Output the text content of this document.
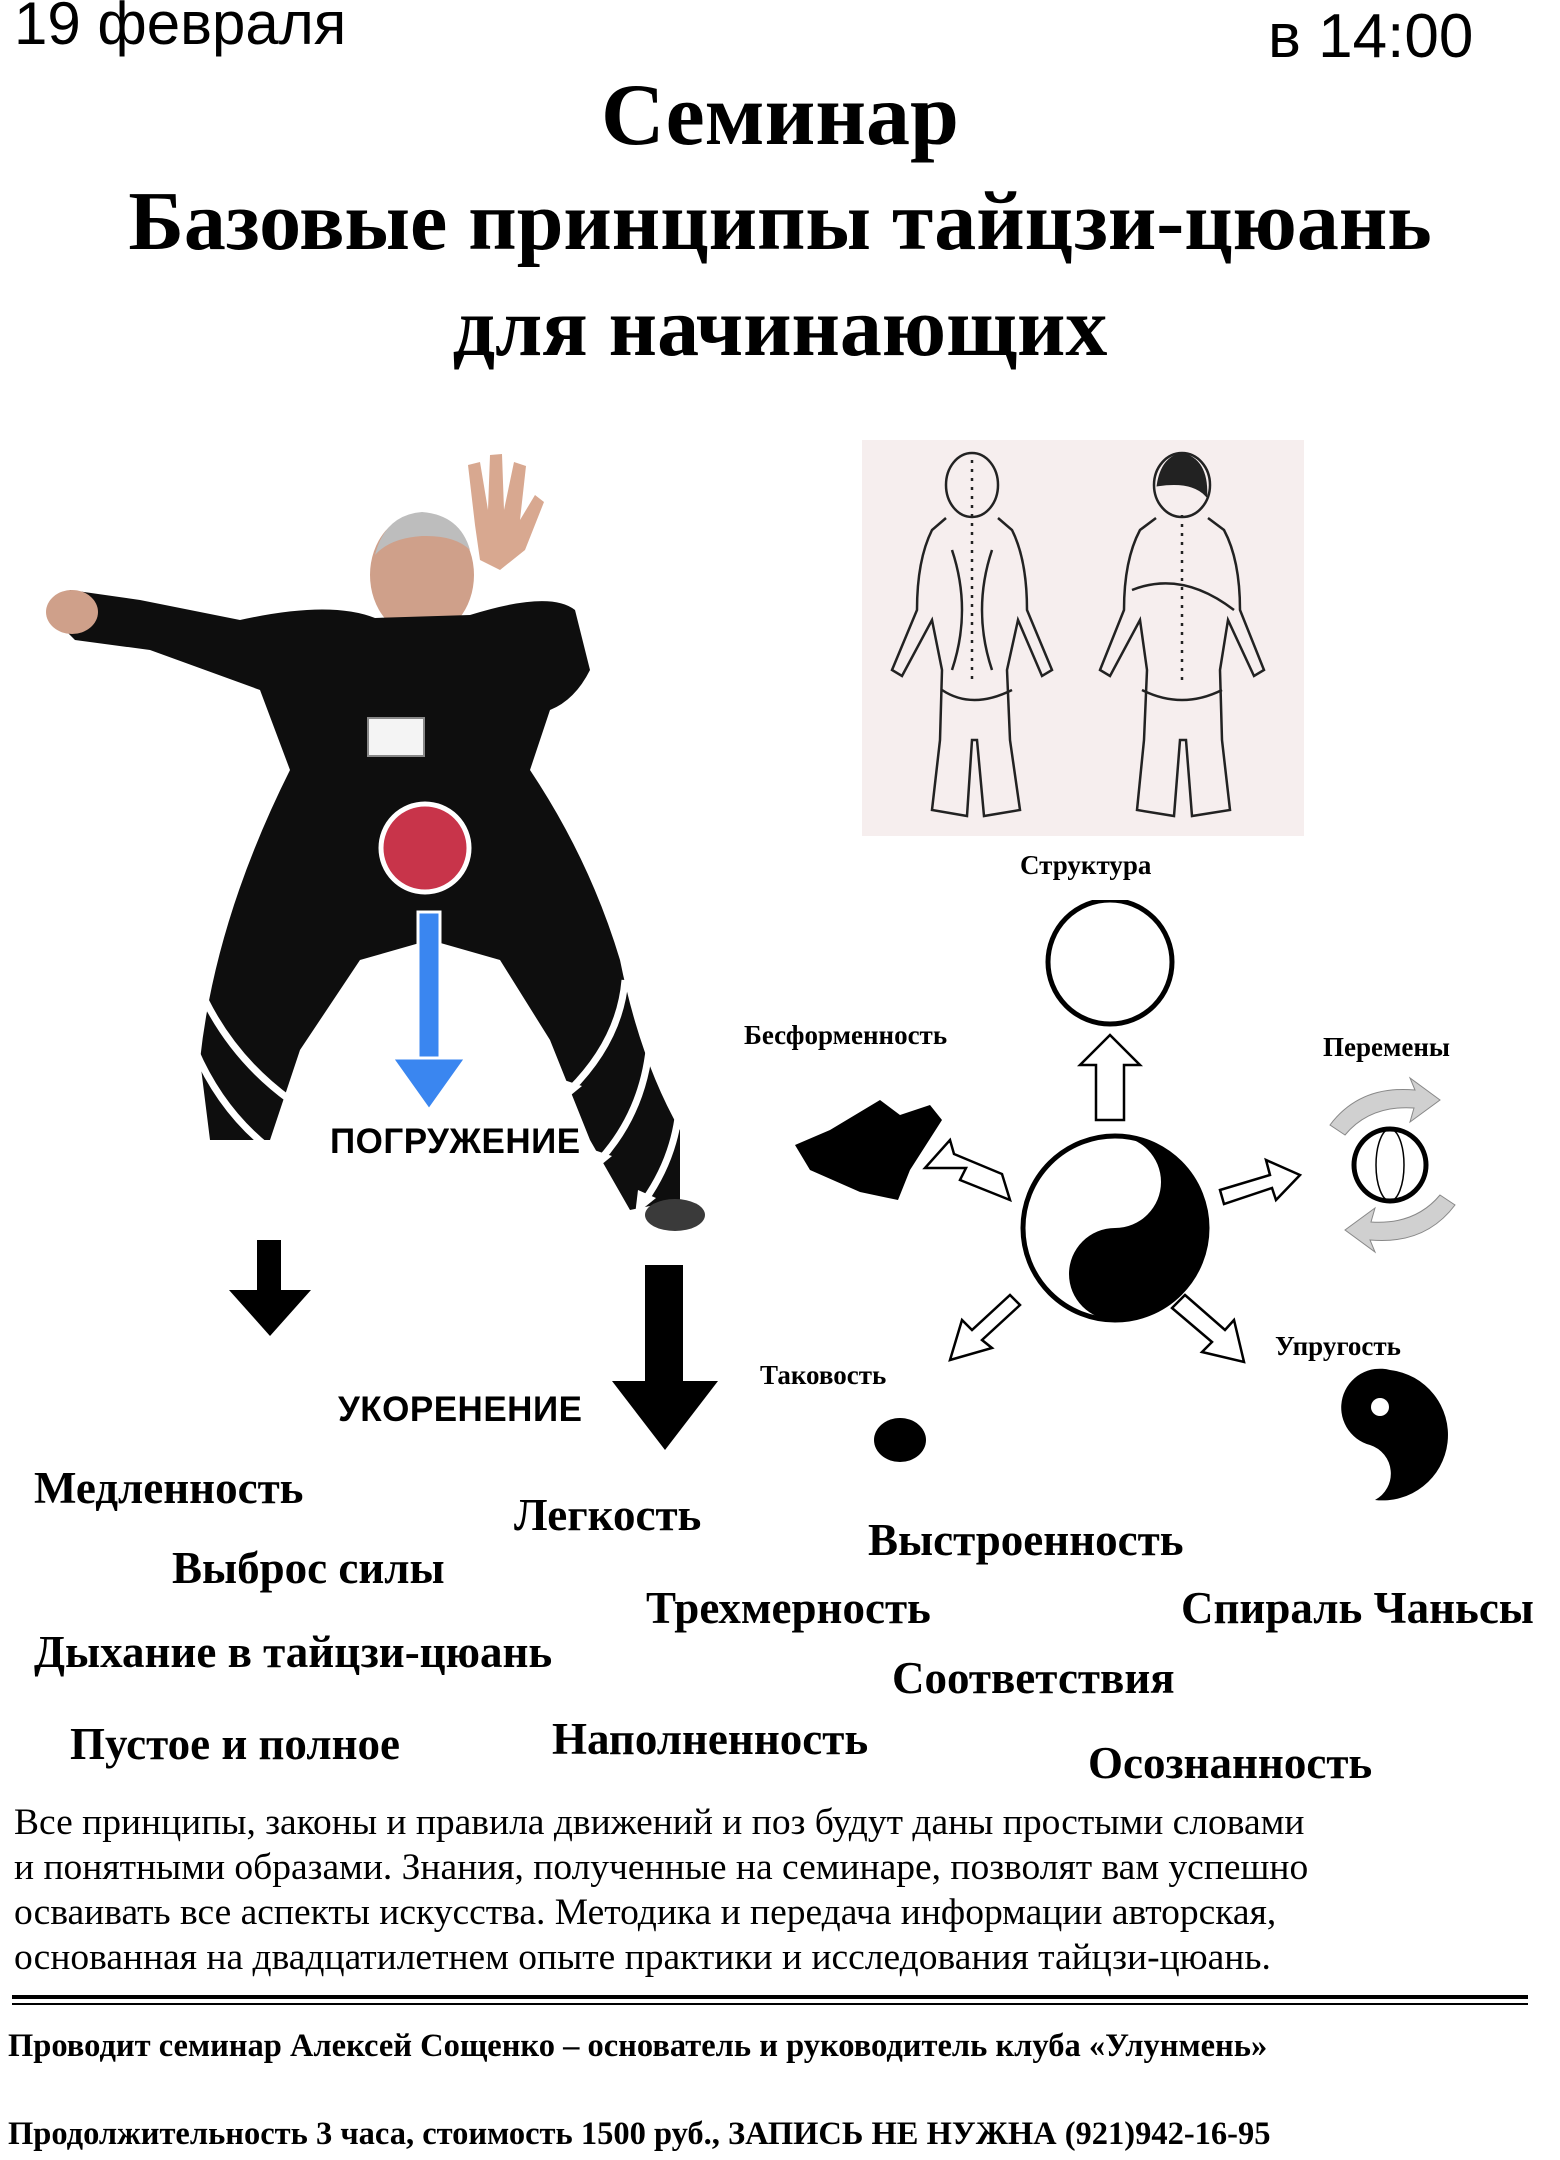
19 февраля	в 14:00
Семинар
Базовые принципы тайцзи-цюань
для начинающих
ПОГРУЖЕНИЕ
УКОРЕНЕНИЕ
Структура
Бесформенность	Перемены
Таковость
Упругость
Медленность
Легкость	Выстроенность
Выброс силы
Трехмерность	Спираль Чаньсы
Дыхание в тайцзи-цюань
Соответствия
Пустое и полное	Наполненность	Осознанность
Все принципы, законы и правила движений и поз будут даны простыми словами
и понятными образами. Знания, полученные на семинаре, позволят вам успешно
осваивать все аспекты искусства. Методика и передача информации авторская,
основанная на двадцатилетнем опыте практики и исследования тайцзи-цюань.
Проводит семинар Алексей Сощенко – основатель и руководитель клуба «Улунмень»
Продолжительность 3 часа, стоимость 1500 руб., ЗАПИСЬ НЕ НУЖНА (921)942-16-95
